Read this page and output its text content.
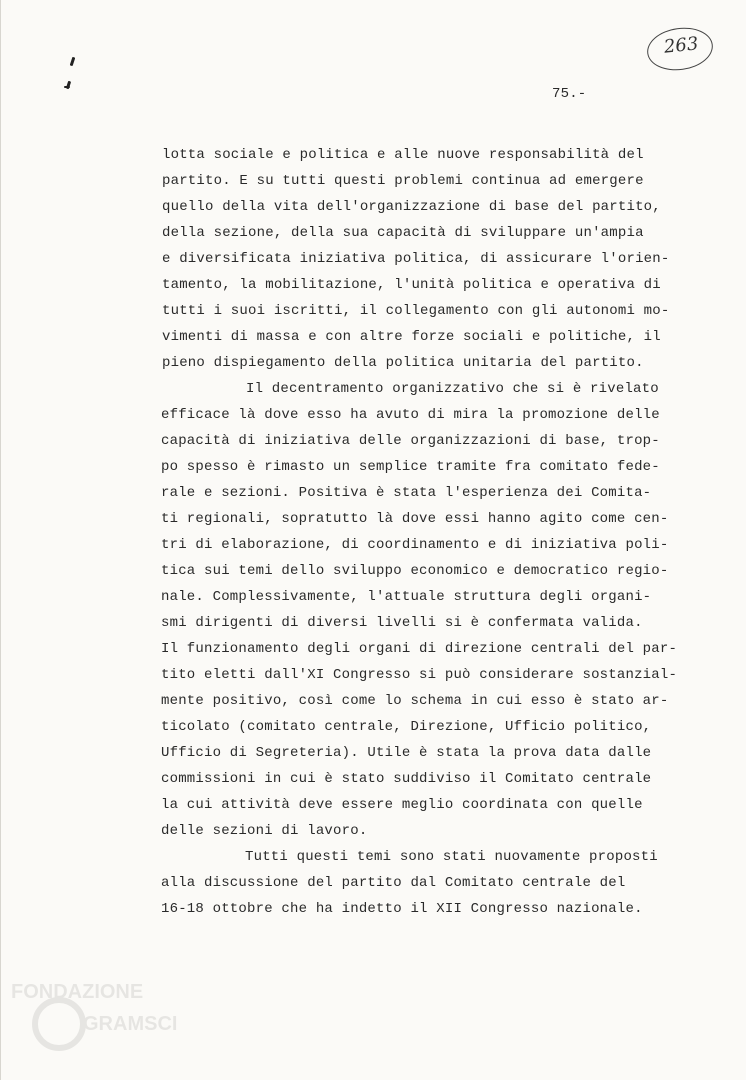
263
75.-
lotta sociale e politica e alle nuove responsabilità del
partito. E su tutti questi problemi continua ad emergere
quello della vita dell'organizzazione di base del partito,
della sezione, della sua capacità di sviluppare un'ampia
e diversificata iniziativa politica, di assicurare l'orien-
tamento, la mobilitazione, l'unità politica e operativa di
tutti i suoi iscritti, il collegamento con gli autonomi mo-
vimenti di massa e con altre forze sociali e politiche, il
pieno dispiegamento della politica unitaria del partito.
Il decentramento organizzativo che si è rivelato
efficace là dove esso ha avuto di mira la promozione delle
capacità di iniziativa delle organizzazioni di base, trop-
po spesso è rimasto un semplice tramite fra comitato fede-
rale e sezioni. Positiva è stata l'esperienza dei Comita-
ti regionali, sopratutto là dove essi hanno agito come cen-
tri di elaborazione, di coordinamento e di iniziativa poli-
tica sui temi dello sviluppo economico e democratico regio-
nale. Complessivamente, l'attuale struttura degli organi-
smi dirigenti di diversi livelli si è confermata valida.
Il funzionamento degli organi di direzione centrali del par-
tito eletti dall'XI Congresso si può considerare sostanzial-
mente positivo, così come lo schema in cui esso è stato ar-
ticolato (comitato centrale, Direzione, Ufficio politico,
Ufficio di Segreteria). Utile è stata la prova data dalle
commissioni in cui è stato suddiviso il Comitato centrale
la cui attività deve essere meglio coordinata con quelle
delle sezioni di lavoro.
Tutti questi temi sono stati nuovamente proposti
alla discussione del partito dal Comitato centrale del
16-18 ottobre che ha indetto il XII Congresso nazionale.
FONDAZIONE
GRAMSCI
